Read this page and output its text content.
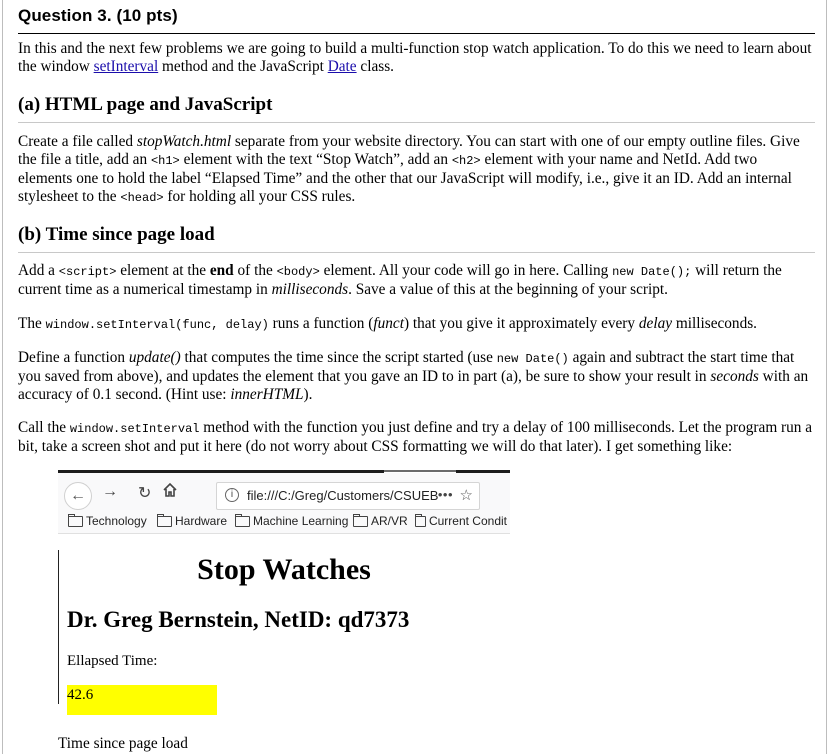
Question 3. (10 pts)
In this and the next few problems we are going to build a multi-function stop watch application. To do this we need to learn about the window setInterval method and the JavaScript Date class.
(a) HTML page and JavaScript
Create a file called stopWatch.html separate from your website directory. You can start with one of our empty outline files. Give the file a title, add an <h1> element with the text “Stop Watch”, add an <h2> element with your name and NetId. Add two elements one to hold the label “Elapsed Time” and the other that our JavaScript will modify, i.e., give it an ID. Add an internal stylesheet to the <head> for holding all your CSS rules.
(b) Time since page load
Add a <script> element at the end of the <body> element. All your code will go in here. Calling new Date(); will return the current time as a numerical timestamp in milliseconds. Save a value of this at the beginning of your script.
The window.setInterval(func, delay) runs a function (funct) that you give it approximately every delay milliseconds.
Define a function update() that computes the time since the script started (use new Date() again and subtract the start time that you saved from above), and updates the element that you gave an ID to in part (a), be sure to show your result in seconds with an accuracy of 0.1 second. (Hint use: innerHTML).
Call the window.setInterval method with the function you just define and try a delay of 100 milliseconds. Let the program run a bit, take a screen shot and put it here (do not worry about CSS formatting we will do that later). I get something like:
←	→ ↻	i	file:///C:/Greg/Customers/CSUEB ••• ☆
Technology Hardware Machine Learning AR/VR Current Condit
Stop Watches
Dr. Greg Bernstein, NetID: qd7373
Ellapsed Time:
42.6
Time since page load
